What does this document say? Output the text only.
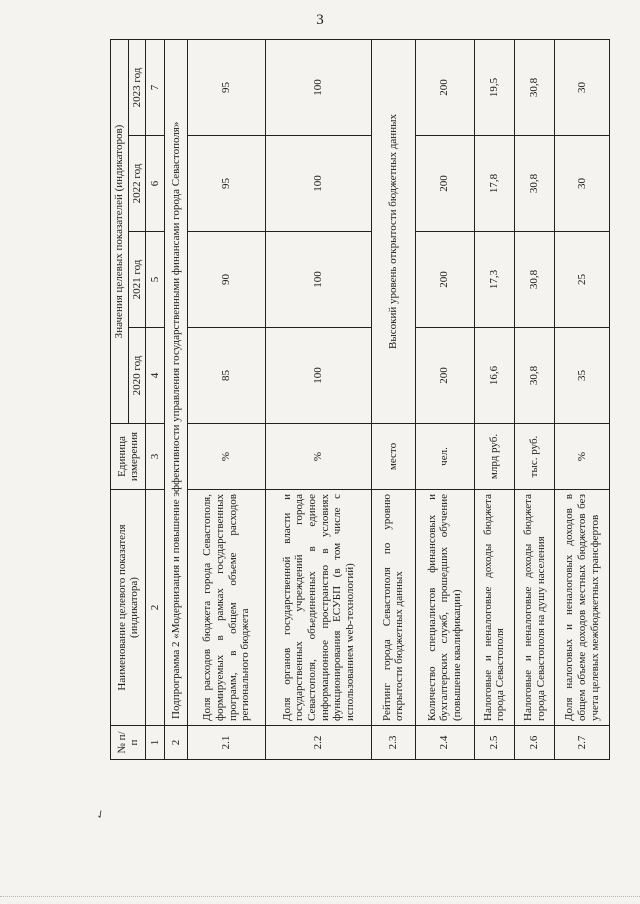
3
✓
№ п/п	Наименование целевого показателя (индикатора)	Единица измерения	Значения целевых показателей (индикаторов)			
			2020 год	2021 год	2022 год	2023 год
1	2	3	4	5	6	7
2	Подпрограмма 2 «Модернизация и повышение эффективности управления государственными финансами города Севастополя»					
2.1	Доля расходов бюджета города Севастополя, формируемых в рамках государственных программ, в общем объеме расходов регионального бюджета	%	85	90	95	95
2.2	Доля органов государственной власти и государственных учреждений города Севастополя, объединенных в единое информационное пространство в условиях функционирования ЕСУБП (в том числе с использованием web-технологий)	%	100	100	100	100
2.3	Рейтинг города Севастополя по уровню открытости бюджетных данных	место	Высокий уровень открытости бюджетных данных			
2.4	Количество специалистов финансовых и бухгалтерских служб, прошедших обучение (повышение квалификации)	чел.	200	200	200	200
2.5	Налоговые и неналоговые доходы бюджета города Севастополя	млрд руб.	16,6	17,3	17,8	19,5
2.6	Налоговые и неналоговые доходы бюджета города Севастополя на душу населения	тыс. руб.	30,8	30,8	30,8	30,8
2.7	Доля налоговых и неналоговых доходов в общем объеме доходов местных бюджетов без учета целевых межбюджетных трансфертов	%	35	25	30	30
